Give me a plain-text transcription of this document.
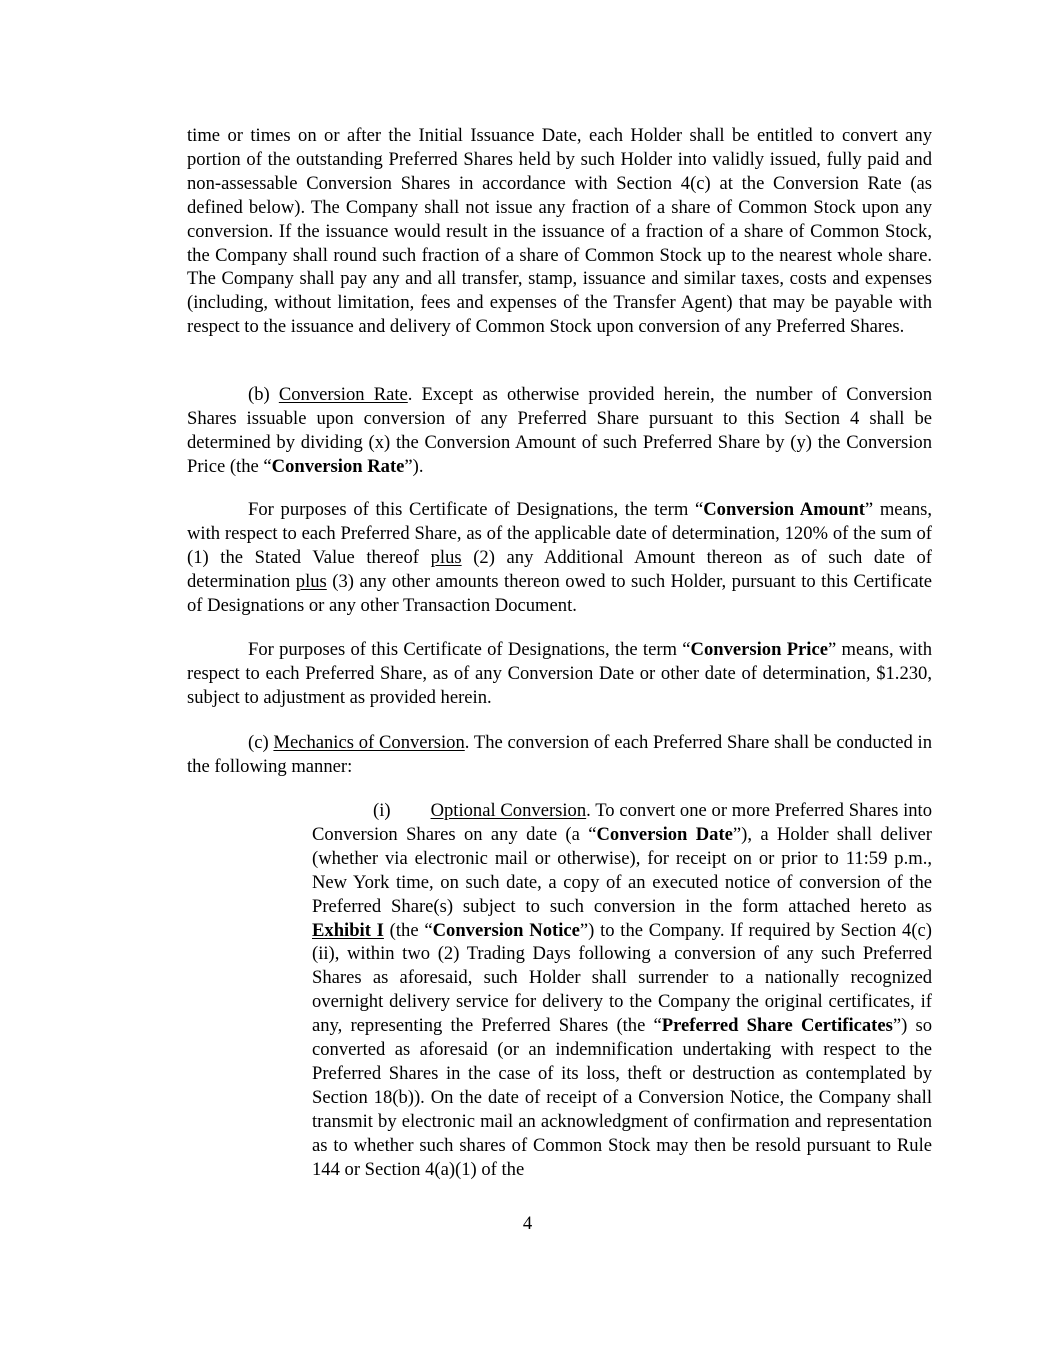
time or times on or after the Initial Issuance Date, each Holder shall be entitled to convert any portion of the outstanding Preferred Shares held by such Holder into validly issued, fully paid and non-assessable Conversion Shares in accordance with Section 4(c) at the Conversion Rate (as defined below). The Company shall not issue any fraction of a share of Common Stock upon any conversion. If the issuance would result in the issuance of a fraction of a share of Common Stock, the Company shall round such fraction of a share of Common Stock up to the nearest whole share. The Company shall pay any and all transfer, stamp, issuance and similar taxes, costs and expenses (including, without limitation, fees and expenses of the Transfer Agent) that may be payable with respect to the issuance and delivery of Common Stock upon conversion of any Preferred Shares.

(b) Conversion Rate. Except as otherwise provided herein, the number of Conversion Shares issuable upon conversion of any Preferred Share pursuant to this Section 4 shall be determined by dividing (x) the Conversion Amount of such Preferred Share by (y) the Conversion Price (the “Conversion Rate”).

For purposes of this Certificate of Designations, the term “Conversion Amount” means, with respect to each Preferred Share, as of the applicable date of determination, 120% of the sum of (1) the Stated Value thereof plus (2) any Additional Amount thereon as of such date of determination plus (3) any other amounts thereon owed to such Holder, pursuant to this Certificate of Designations or any other Transaction Document.

For purposes of this Certificate of Designations, the term “Conversion Price” means, with respect to each Preferred Share, as of any Conversion Date or other date of determination, $1.230, subject to adjustment as provided herein.

(c) Mechanics of Conversion. The conversion of each Preferred Share shall be conducted in the following manner:

(i) Optional Conversion. To convert one or more Preferred Shares into Conversion Shares on any date (a “Conversion Date”), a Holder shall deliver (whether via electronic mail or otherwise), for receipt on or prior to 11:59 p.m., New York time, on such date, a copy of an executed notice of conversion of the Preferred Share(s) subject to such conversion in the form attached hereto as Exhibit I (the “Conversion Notice”) to the Company. If required by Section 4(c)(ii), within two (2) Trading Days following a conversion of any such Preferred Shares as aforesaid, such Holder shall surrender to a nationally recognized overnight delivery service for delivery to the Company the original certificates, if any, representing the Preferred Shares (the “Preferred Share Certificates”) so converted as aforesaid (or an indemnification undertaking with respect to the Preferred Shares in the case of its loss, theft or destruction as contemplated by Section 18(b)). On the date of receipt of a Conversion Notice, the Company shall transmit by electronic mail an acknowledgment of confirmation and representation as to whether such shares of Common Stock may then be resold pursuant to Rule 144 or Section 4(a)(1) of the

4
